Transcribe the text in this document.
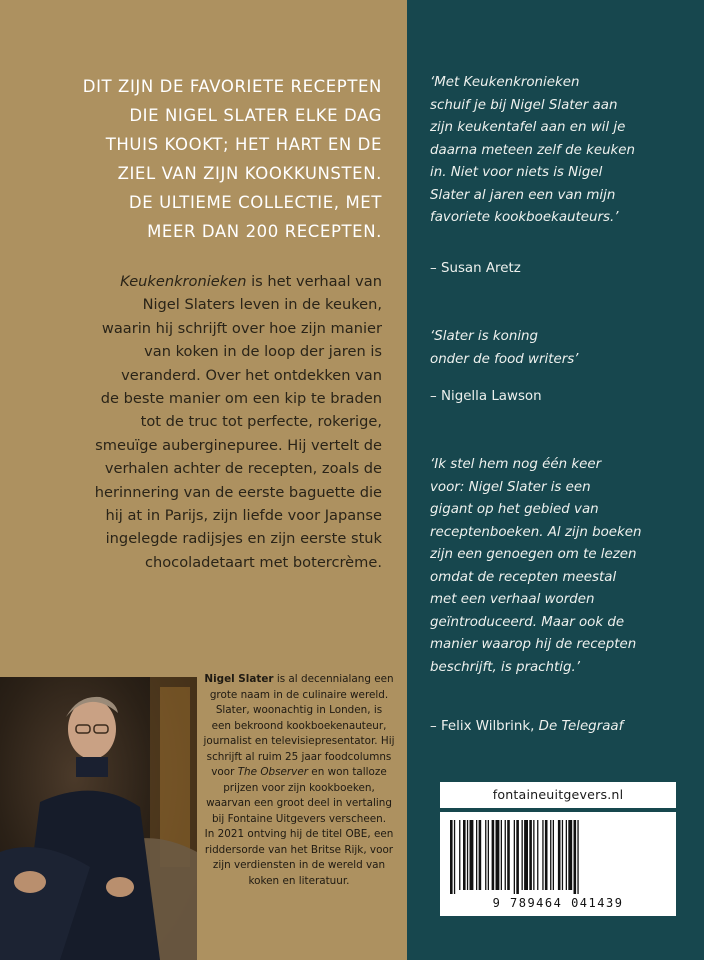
DIT ZIJN DE FAVORIETE RECEPTEN
DIE NIGEL SLATER ELKE DAG
THUIS KOOKT; HET HART EN DE
ZIEL VAN ZIJN KOOKKUNSTEN.
DE ULTIEME COLLECTIE, MET
MEER DAN 200 RECEPTEN.
Keukenkronieken is het verhaal van
Nigel Slaters leven in de keuken,
waarin hij schrijft over hoe zijn manier
van koken in de loop der jaren is
veranderd. Over het ontdekken van
de beste manier om een kip te braden
tot de truc tot perfecte, rokerige,
smeuïge auberginepuree. Hij vertelt de
verhalen achter de recepten, zoals de
herinnering van de eerste baguette die
hij at in Parijs, zijn liefde voor Japanse
ingelegde radijsjes en zijn eerste stuk
chocoladetaart met botercrème.
Nigel Slater is al decennialang een
grote naam in de culinaire wereld.
Slater, woonachtig in Londen, is
een bekroond kookboekenauteur,
journalist en televisiepresentator. Hij
schrijft al ruim 25 jaar foodcolumns
voor The Observer en won talloze
prijzen voor zijn kookboeken,
waarvan een groot deel in vertaling
bij Fontaine Uitgevers verscheen.
In 2021 ontving hij de titel OBE, een
riddersorde van het Britse Rijk, voor
zijn verdiensten in de wereld van
koken en literatuur.
‘Met Keukenkronieken
schuif je bij Nigel Slater aan
zijn keukentafel aan en wil je
daarna meteen zelf de keuken
in. Niet voor niets is Nigel
Slater al jaren een van mijn
favoriete kookboekauteurs.’
– Susan Aretz
‘Slater is koning
onder de food writers’
– Nigella Lawson
‘Ik stel hem nog één keer
voor: Nigel Slater is een
gigant op het gebied van
receptenboeken. Al zijn boeken
zijn een genoegen om te lezen
omdat de recepten meestal
met een verhaal worden
geïntroduceerd. Maar ook de
manier waarop hij de recepten
beschrijft, is prachtig.’
– Felix Wilbrink, De Telegraaf
fontaineuitgevers.nl
9 789464 041439
